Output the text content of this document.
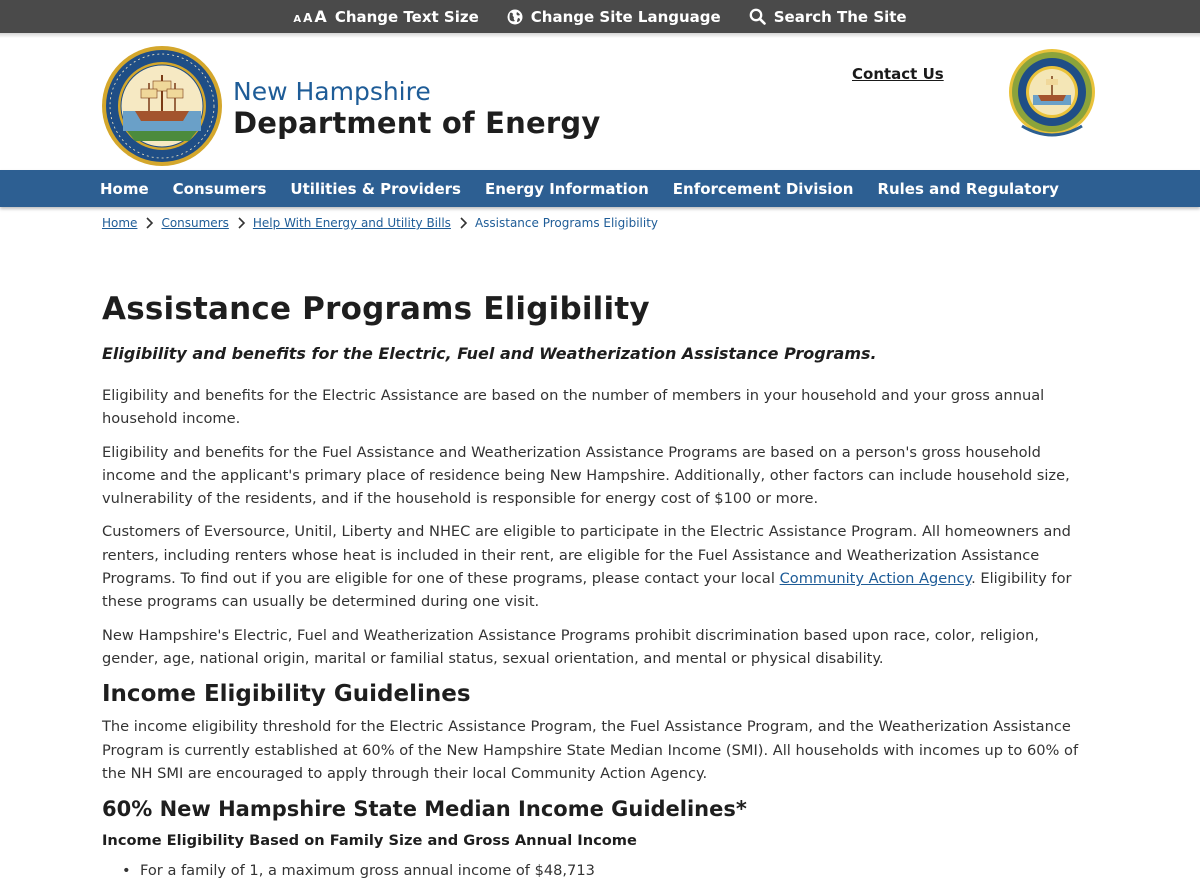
A A A Change Text Size	Change Site Language	Search The Site
New Hampshire
Department of Energy
Contact Us
Home Consumers Utilities & Providers Energy Information Enforcement Division Rules and Regulatory
Home Consumers Help With Energy and Utility Bills Assistance Programs Eligibility
Assistance Programs Eligibility
Eligibility and benefits for the Electric, Fuel and Weatherization Assistance Programs.

Eligibility and benefits for the Electric Assistance are based on the number of members in your household and your gross annual household income.

Eligibility and benefits for the Fuel Assistance and Weatherization Assistance Programs are based on a person's gross household income and the applicant's primary place of residence being New Hampshire. Additionally, other factors can include household size, vulnerability of the residents, and if the household is responsible for energy cost of $100 or more.

Customers of Eversource, Unitil, Liberty and NHEC are eligible to participate in the Electric Assistance Program. All homeowners and renters, including renters whose heat is included in their rent, are eligible for the Fuel Assistance and Weatherization Assistance Programs. To find out if you are eligible for one of these programs, please contact your local Community Action Agency. Eligibility for these programs can usually be determined during one visit.

New Hampshire's Electric, Fuel and Weatherization Assistance Programs prohibit discrimination based upon race, color, religion, gender, age, national origin, marital or familial status, sexual orientation, and mental or physical disability.

Income Eligibility Guidelines

The income eligibility threshold for the Electric Assistance Program, the Fuel Assistance Program, and the Weatherization Assistance Program is currently established at 60% of the New Hampshire State Median Income (SMI). All households with incomes up to 60% of the NH SMI are encouraged to apply through their local Community Action Agency.

60% New Hampshire State Median Income Guidelines*
Income Eligibility Based on Family Size and Gross Annual Income
• For a family of 1, a maximum gross annual income of $48,713
